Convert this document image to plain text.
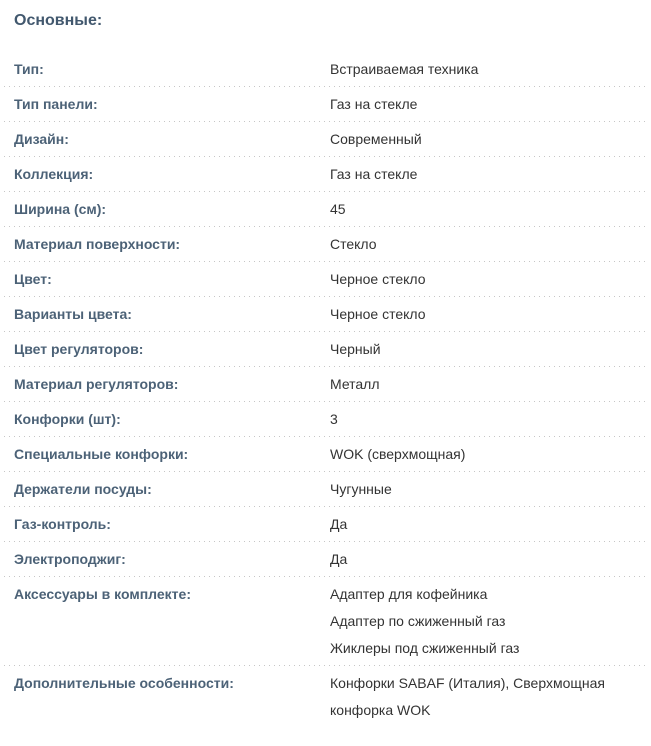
Основные:
Тип:	Встраиваемая техника
Тип панели:	Газ на стекле
Дизайн:	Современный
Коллекция:	Газ на стекле
Ширина (см):	45
Материал поверхности:	Стекло
Цвет:	Черное стекло
Варианты цвета:	Черное стекло
Цвет регуляторов:	Черный
Материал регуляторов:	Металл
Конфорки (шт):	3
Специальные конфорки:	WOK (сверхмощная)
Держатели посуды:	Чугунные
Газ-контроль:	Да
Электроподжиг:	Да
Аксессуары в комплекте:	Адаптер для кофейника
Адаптер по сжиженный газ
Жиклеры под сжиженный газ
Дополнительные особенности:	Конфорки SABAF (Италия), Сверхмощная конфорка WOK
